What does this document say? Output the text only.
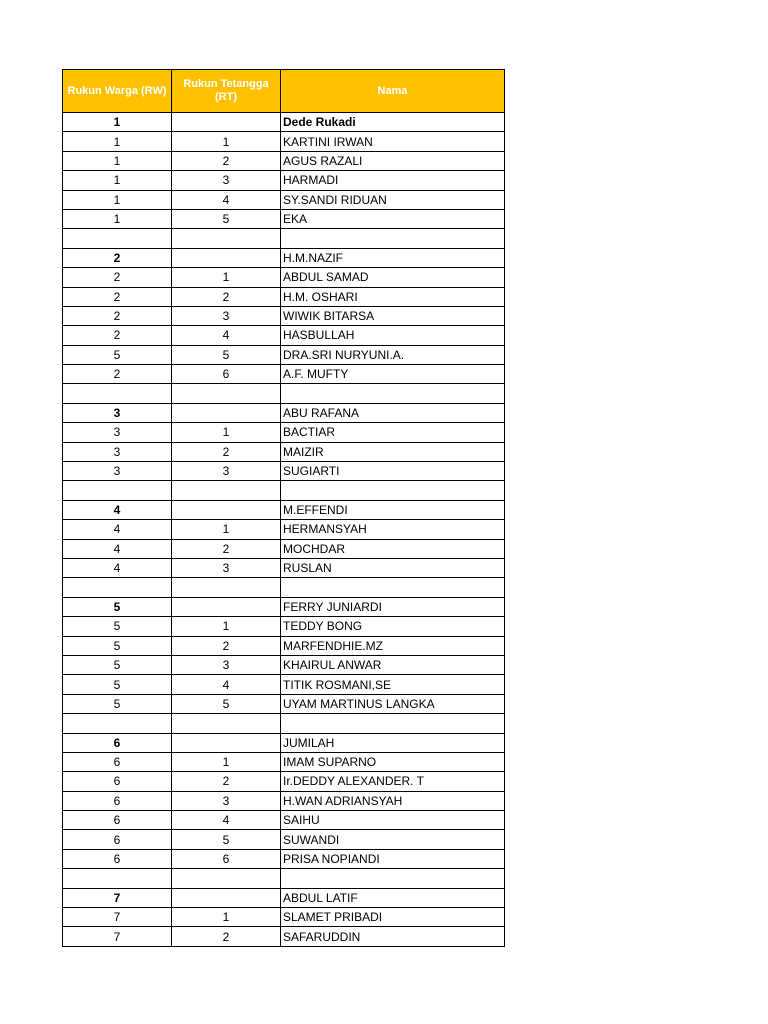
Rukun Warga (RW)	Rukun Tetangga (RT)	Nama
1		Dede Rukadi
1	1	KARTINI IRWAN
1	2	AGUS RAZALI
1	3	HARMADI
1	4	SY.SANDI RIDUAN
1	5	EKA

2		H.M.NAZIF
2	1	ABDUL SAMAD
2	2	H.M. OSHARI
2	3	WIWIK BITARSA
2	4	HASBULLAH
5	5	DRA.SRI NURYUNI.A.
2	6	A.F. MUFTY

3		ABU RAFANA
3	1	BACTIAR
3	2	MAIZIR
3	3	SUGIARTI

4		M.EFFENDI
4	1	HERMANSYAH
4	2	MOCHDAR
4	3	RUSLAN

5		FERRY JUNIARDI
5	1	TEDDY BONG
5	2	MARFENDHIE.MZ
5	3	KHAIRUL ANWAR
5	4	TITIK ROSMANI,SE
5	5	UYAM MARTINUS LANGKA

6		JUMILAH
6	1	IMAM SUPARNO
6	2	Ir.DEDDY ALEXANDER. T
6	3	H.WAN ADRIANSYAH
6	4	SAIHU
6	5	SUWANDI
6	6	PRISA NOPIANDI

7		ABDUL LATIF
7	1	SLAMET PRIBADI
7	2	SAFARUDDIN
